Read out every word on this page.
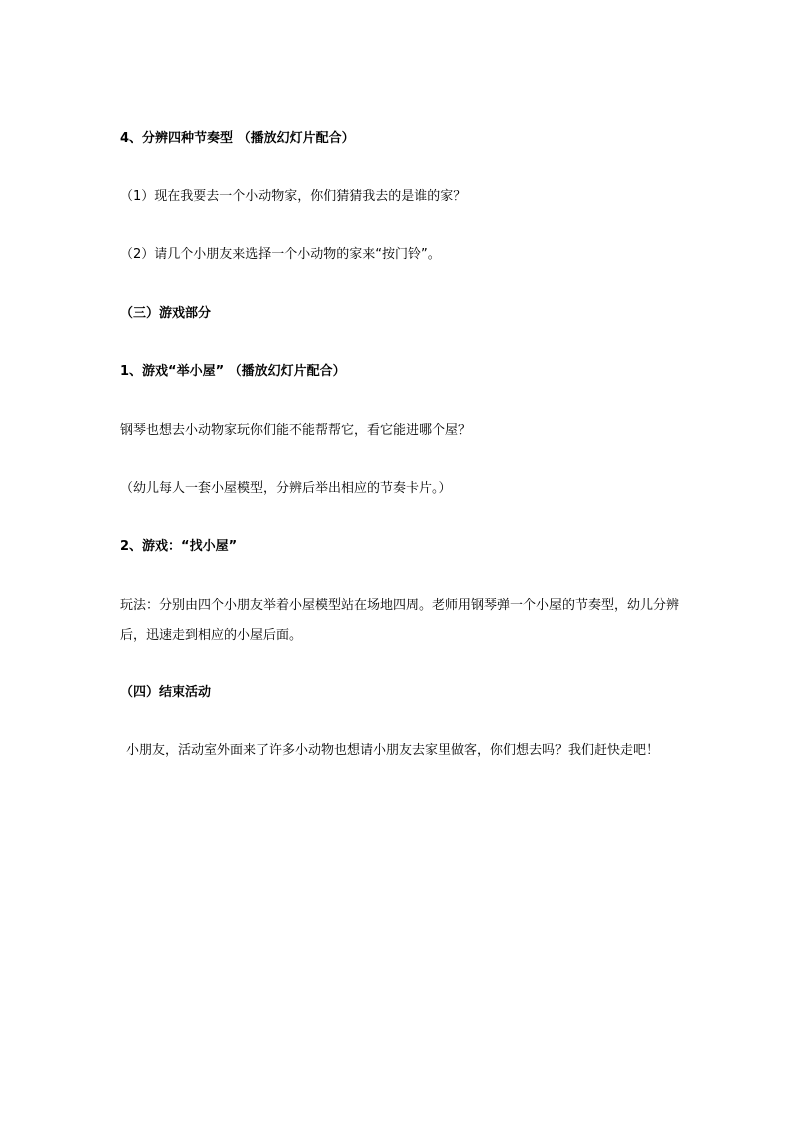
4、分辨四种节奏型 （播放幻灯片配合）
（1）现在我要去一个小动物家，你们猜猜我去的是谁的家？
（2）请几个小朋友来选择一个小动物的家来“按门铃”。
（三）游戏部分
1、游戏“举小屋” （播放幻灯片配合）
钢琴也想去小动物家玩你们能不能帮帮它，看它能进哪个屋？
（幼儿每人一套小屋模型，分辨后举出相应的节奏卡片。）
2、游戏：“找小屋”
玩法：分别由四个小朋友举着小屋模型站在场地四周。老师用钢琴弹一个小屋的节奏型，幼儿分辨后，迅速走到相应的小屋后面。
（四）结束活动
小朋友，活动室外面来了许多小动物也想请小朋友去家里做客，你们想去吗？我们赶快走吧！
